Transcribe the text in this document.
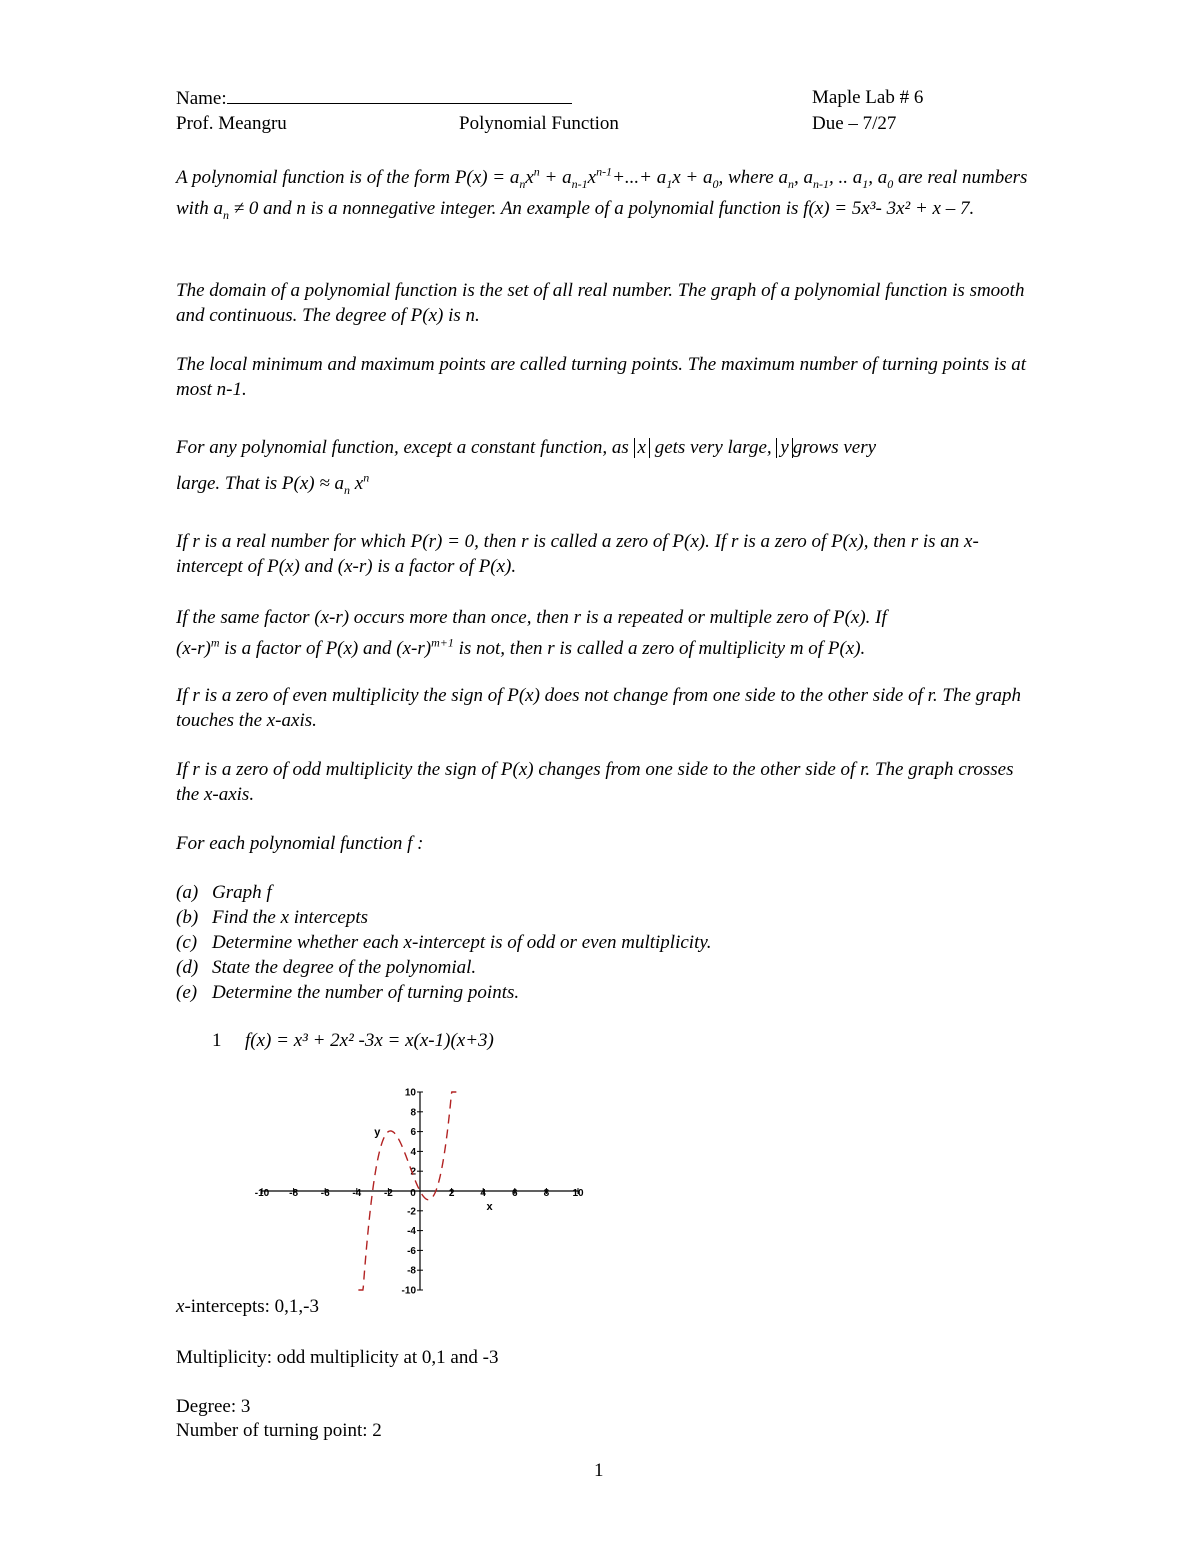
Name:	Maple Lab # 6
Prof. Meangru	Polynomial Function	Due – 7/27
A polynomial function is of the form $P(x) = a_nx^n + a_{n-1}x^{n-1}+...+ a_1x + a_0$, where $a_n$, $a_{n-1}$, .. $a_1$, $a_0$ are real numbers with $a_n \ne 0$ and n is a nonnegative integer. An example of a polynomial function is f(x) = 5x³- 3x² + x – 7.
The domain of a polynomial function is the set of all real number. The graph of a polynomial function is smooth and continuous. The degree of P(x) is n.
The local minimum and maximum points are called turning points. The maximum number of turning points is at most n-1.
For any polynomial function, except a constant function, as x gets very large, y grows very
large. That is $P(x) \approx a_n$ $x^n$
If r is a real number for which P(r) = 0, then r is called a zero of P(x). If r is a zero of P(x), then r is an x-intercept of P(x) and (x-r) is a factor of P(x).
If the same factor (x-r) occurs more than once, then r is a repeated or multiple zero of P(x). If
$(x-r)^m$ is a factor of P(x) and $(x-r)^{m+1}$ is not, then r is called a zero of multiplicity m of P(x).
If r is a zero of even multiplicity the sign of P(x) does not change from one side to the other side of r. The graph touches the x-axis.
If r is a zero of odd multiplicity the sign of P(x) changes from one side to the other side of r. The graph crosses the x-axis.
For each polynomial function f :
(a) Graph f
(b) Find the x intercepts
(c) Determine whether each x-intercept is of odd or even multiplicity.
(d) State the degree of the polynomial.
(e) Determine the number of turning points.
1 f(x) = x³ + 2x² -3x = x(x-1)(x+3)
-10 -8 -6 -4 -2 0	2	4	6	8 10
10
8
6
4
2
-2
-4
-6
-8
-10
x
y
x-intercepts: 0,1,-3
Multiplicity: odd multiplicity at 0,1 and -3
Degree: 3
Number of turning point: 2
1
